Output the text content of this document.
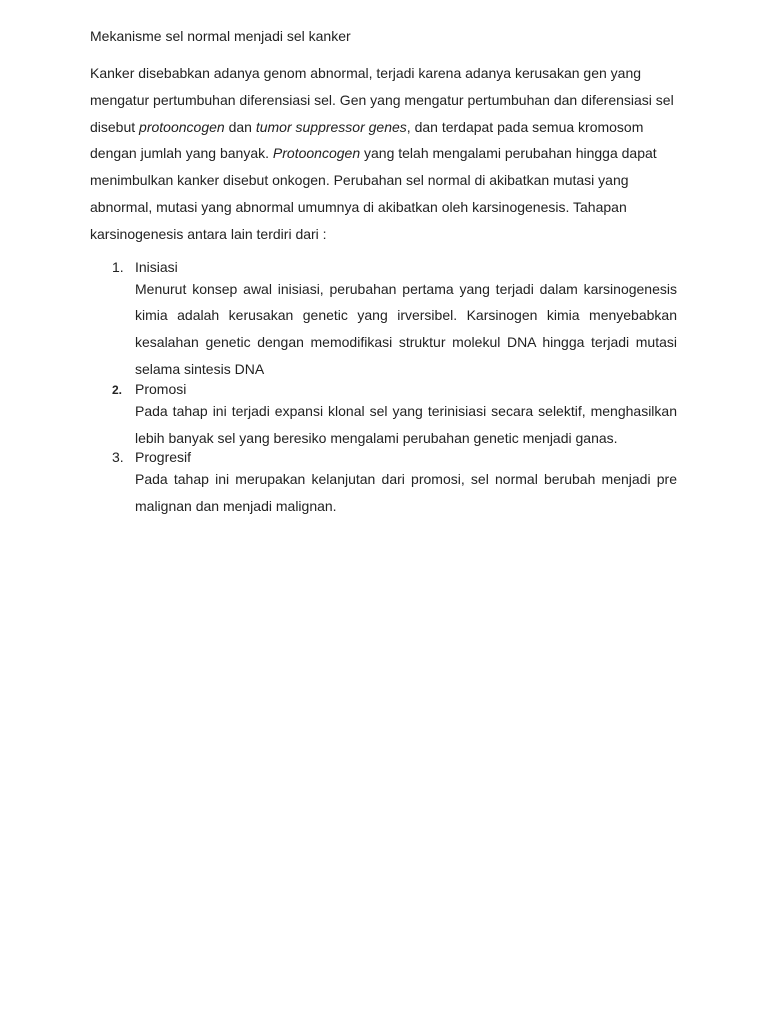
Mekanisme sel normal menjadi sel kanker

Kanker disebabkan adanya genom abnormal, terjadi karena adanya kerusakan gen yang mengatur pertumbuhan diferensiasi sel. Gen yang mengatur pertumbuhan dan diferensiasi sel disebut protooncogen dan tumor suppressor genes, dan terdapat pada semua kromosom dengan jumlah yang banyak. Protooncogen yang telah mengalami perubahan hingga dapat menimbulkan kanker disebut onkogen. Perubahan sel normal di akibatkan mutasi yang abnormal, mutasi yang abnormal umumnya di akibatkan oleh karsinogenesis. Tahapan karsinogenesis antara lain terdiri dari :

1. Inisiasi

Menurut konsep awal inisiasi, perubahan pertama yang terjadi dalam karsinogenesis kimia adalah kerusakan genetic yang irversibel. Karsinogen kimia menyebabkan kesalahan genetic dengan memodifikasi struktur molekul DNA hingga terjadi mutasi selama sintesis DNA

2. Promosi

Pada tahap ini terjadi expansi klonal sel yang terinisiasi secara selektif, menghasilkan lebih banyak sel yang beresiko mengalami perubahan genetic menjadi ganas.

3. Progresif

Pada tahap ini merupakan kelanjutan dari promosi, sel normal berubah menjadi pre malignan dan menjadi malignan.
